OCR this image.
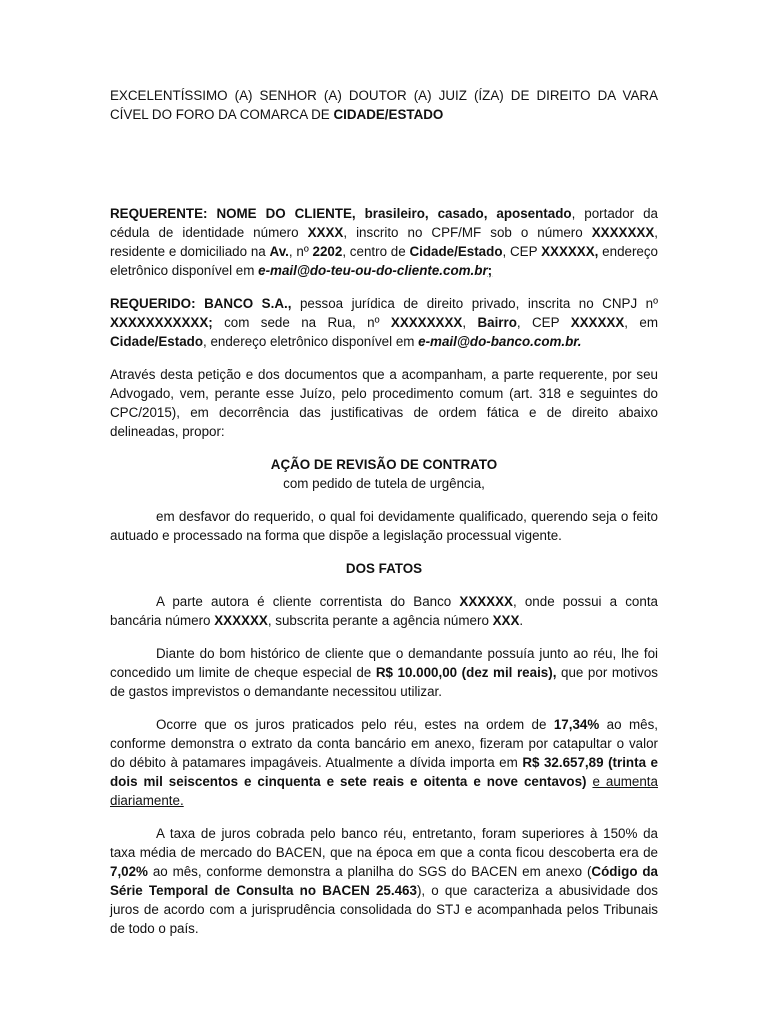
EXCELENTÍSSIMO (A) SENHOR (A) DOUTOR (A) JUIZ (ÍZA) DE DIREITO DA VARA CÍVEL DO FORO DA COMARCA DE CIDADE/ESTADO

REQUERENTE: NOME DO CLIENTE, brasileiro, casado, aposentado, portador da cédula de identidade número XXXX, inscrito no CPF/MF sob o número XXXXXXX, residente e domiciliado na Av., nº 2202, centro de Cidade/Estado, CEP XXXXXX, endereço eletrônico disponível em e-mail@do-teu-ou-do-cliente.com.br;

REQUERIDO: BANCO S.A., pessoa jurídica de direito privado, inscrita no CNPJ nº XXXXXXXXXXX; com sede na Rua, nº XXXXXXXX, Bairro, CEP XXXXXX, em Cidade/Estado, endereço eletrônico disponível em e-mail@do-banco.com.br.

Através desta petição e dos documentos que a acompanham, a parte requerente, por seu Advogado, vem, perante esse Juízo, pelo procedimento comum (art. 318 e seguintes do CPC/2015), em decorrência das justificativas de ordem fática e de direito abaixo delineadas, propor:

AÇÃO DE REVISÃO DE CONTRATO

com pedido de tutela de urgência,

em desfavor do requerido, o qual foi devidamente qualificado, querendo seja o feito autuado e processado na forma que dispõe a legislação processual vigente.

DOS FATOS

A parte autora é cliente correntista do Banco XXXXXX, onde possui a conta bancária número XXXXXX, subscrita perante a agência número XXX.

Diante do bom histórico de cliente que o demandante possuía junto ao réu, lhe foi concedido um limite de cheque especial de R$ 10.000,00 (dez mil reais), que por motivos de gastos imprevistos o demandante necessitou utilizar.

Ocorre que os juros praticados pelo réu, estes na ordem de 17,34% ao mês, conforme demonstra o extrato da conta bancário em anexo, fizeram por catapultar o valor do débito à patamares impagáveis. Atualmente a dívida importa em R$ 32.657,89 (trinta e dois mil seiscentos e cinquenta e sete reais e oitenta e nove centavos) e aumenta diariamente.

A taxa de juros cobrada pelo banco réu, entretanto, foram superiores à 150% da taxa média de mercado do BACEN, que na época em que a conta ficou descoberta era de 7,02% ao mês, conforme demonstra a planilha do SGS do BACEN em anexo (Código da Série Temporal de Consulta no BACEN 25.463), o que caracteriza a abusividade dos juros de acordo com a jurisprudência consolidada do STJ e acompanhada pelos Tribunais de todo o país.
